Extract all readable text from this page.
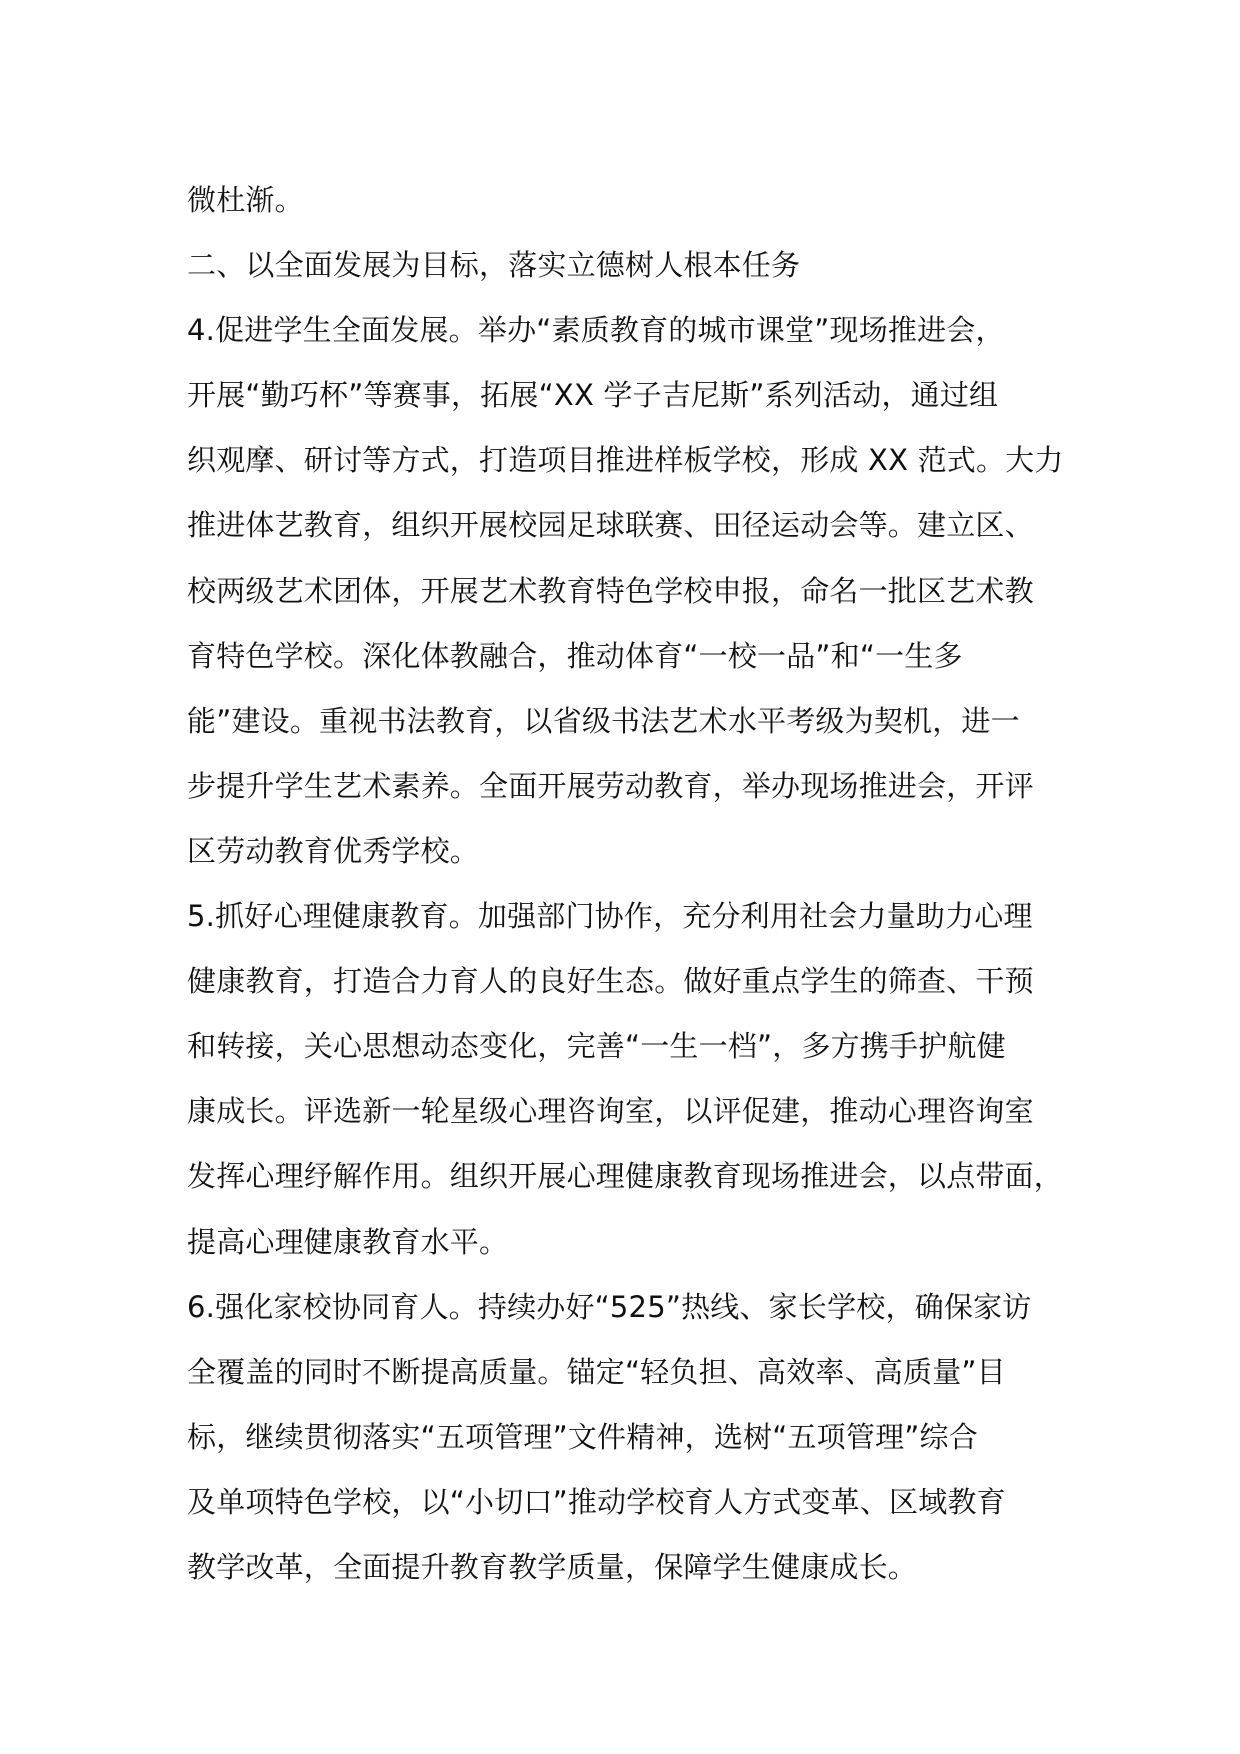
微杜渐。
二、以全面发展为目标，落实立德树人根本任务
4.促进学生全面发展。举办“素质教育的城市课堂”现场推进会，
开展“勤巧杯”等赛事，拓展“XX 学子吉尼斯”系列活动，通过组
织观摩、研讨等方式，打造项目推进样板学校，形成 XX 范式。大力
推进体艺教育，组织开展校园足球联赛、田径运动会等。建立区、
校两级艺术团体，开展艺术教育特色学校申报，命名一批区艺术教
育特色学校。深化体教融合，推动体育“一校一品”和“一生多
能”建设。重视书法教育，以省级书法艺术水平考级为契机，进一
步提升学生艺术素养。全面开展劳动教育，举办现场推进会，开评
区劳动教育优秀学校。
5.抓好心理健康教育。加强部门协作，充分利用社会力量助力心理
健康教育，打造合力育人的良好生态。做好重点学生的筛查、干预
和转接，关心思想动态变化，完善“一生一档”，多方携手护航健
康成长。评选新一轮星级心理咨询室，以评促建，推动心理咨询室
发挥心理纾解作用。组织开展心理健康教育现场推进会，以点带面，
提高心理健康教育水平。
6.强化家校协同育人。持续办好“525”热线、家长学校，确保家访
全覆盖的同时不断提高质量。锚定“轻负担、高效率、高质量”目
标，继续贯彻落实“五项管理”文件精神，选树“五项管理”综合
及单项特色学校，以“小切口”推动学校育人方式变革、区域教育
教学改革，全面提升教育教学质量，保障学生健康成长。
